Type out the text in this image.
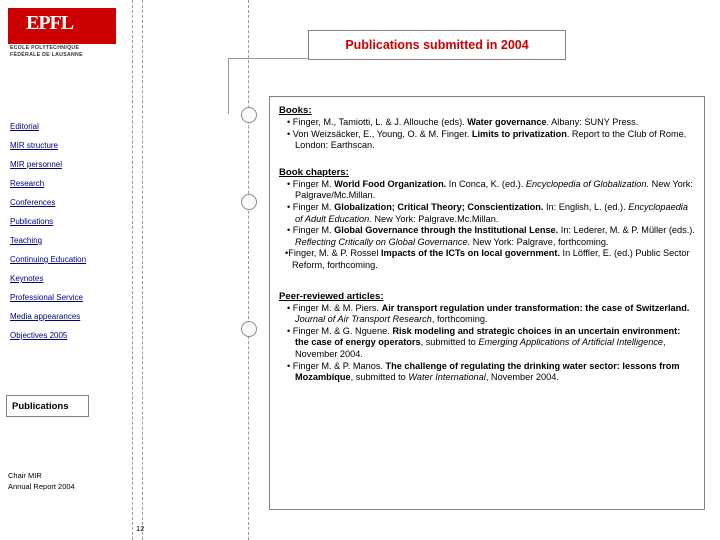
EPFL
ECOLE POLYTECHNIQUE
FÉDÉRALE DE LAUSANNE
Publications submitted in 2004
Editorial
MIR structure
MIR personnel
Research
Conferences
Publications
Teaching
Continuing Education
Keynotes
Professional Service
Media appearances
Objectives 2005
Publications
Chair MIR
Annual Report 2004
12
Books:
• Finger, M., Tamiotti, L. & J. Allouche (eds). Water governance. Albany: SUNY Press.
• Von Weizsäcker, E., Young, O. & M. Finger. Limits to privatization. Report to the Club of Rome. London: Earthscan.
Book chapters:
• Finger M. World Food Organization. In Conca, K. (ed.). Encyclopedia of Globalization. New York: Palgrave/Mc.Millan.
• Finger M. Globalization; Critical Theory; Conscientization. In: English, L. (ed.). Encyclopaedia of Adult Education. New York: Palgrave.Mc.Millan.
• Finger M. Global Governance through the Institutional Lense. In: Lederer, M. & P. Müller (eds.). Reflecting Critically on Global Governance. New York: Palgrave, forthcoming.
•Finger, M. & P. Rossel Impacts of the ICTs on local government. In Löffler, E. (ed.) Public Sector Reform, forthcoming.
Peer-reviewed articles:
• Finger M. & M. Piers. Air transport regulation under transformation: the case of Switzerland. Journal of Air Transport Research, forthcoming.
• Finger M. & G. Nguene. Risk modeling and strategic choices in an uncertain environment: the case of energy operators, submitted to Emerging Applications of Artificial Intelligence, November 2004.
• Finger M. & P. Manos. The challenge of regulating the drinking water sector: lessons from Mozambique, submitted to Water International, November 2004.
